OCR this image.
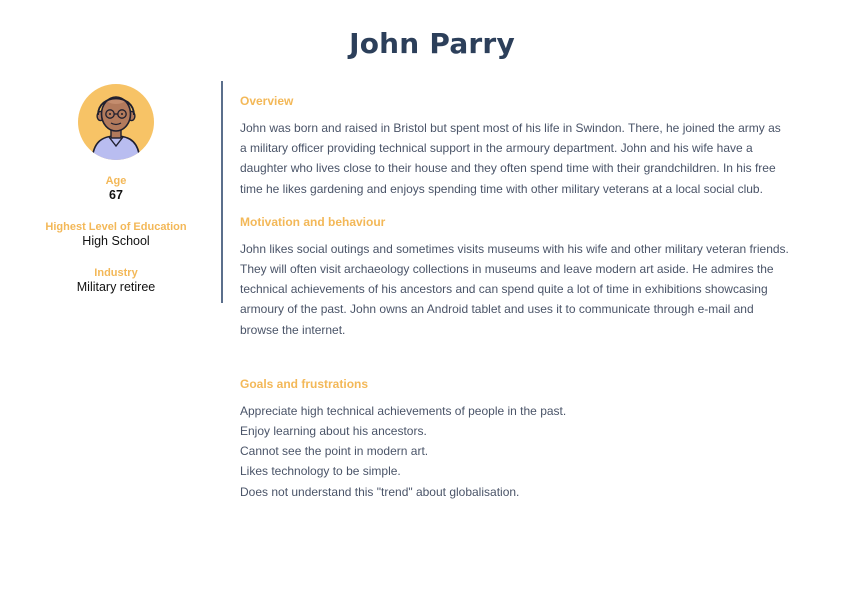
John Parry
Age
67
Highest Level of Education
High School
Industry
Military retiree
Overview
John was born and raised in Bristol but spent most of his life in Swindon. There, he joined the army as a military officer providing technical support in the armoury department. John and his wife have a daughter who lives close to their house and they often spend time with their grandchildren. In his free time he likes gardening and enjoys spending time with other military veterans at a local social club.
Motivation and behaviour
John likes social outings and sometimes visits museums with his wife and other military veteran friends. They will often visit archaeology collections in museums and leave modern art aside. He admires the technical achievements of his ancestors and can spend quite a lot of time in exhibitions showcasing armoury of the past. John owns an Android tablet and uses it to communicate through e-mail and browse the internet.
Goals and frustrations
Appreciate high technical achievements of people in the past.
Enjoy learning about his ancestors.
Cannot see the point in modern art.
Likes technology to be simple.
Does not understand this "trend" about globalisation.
